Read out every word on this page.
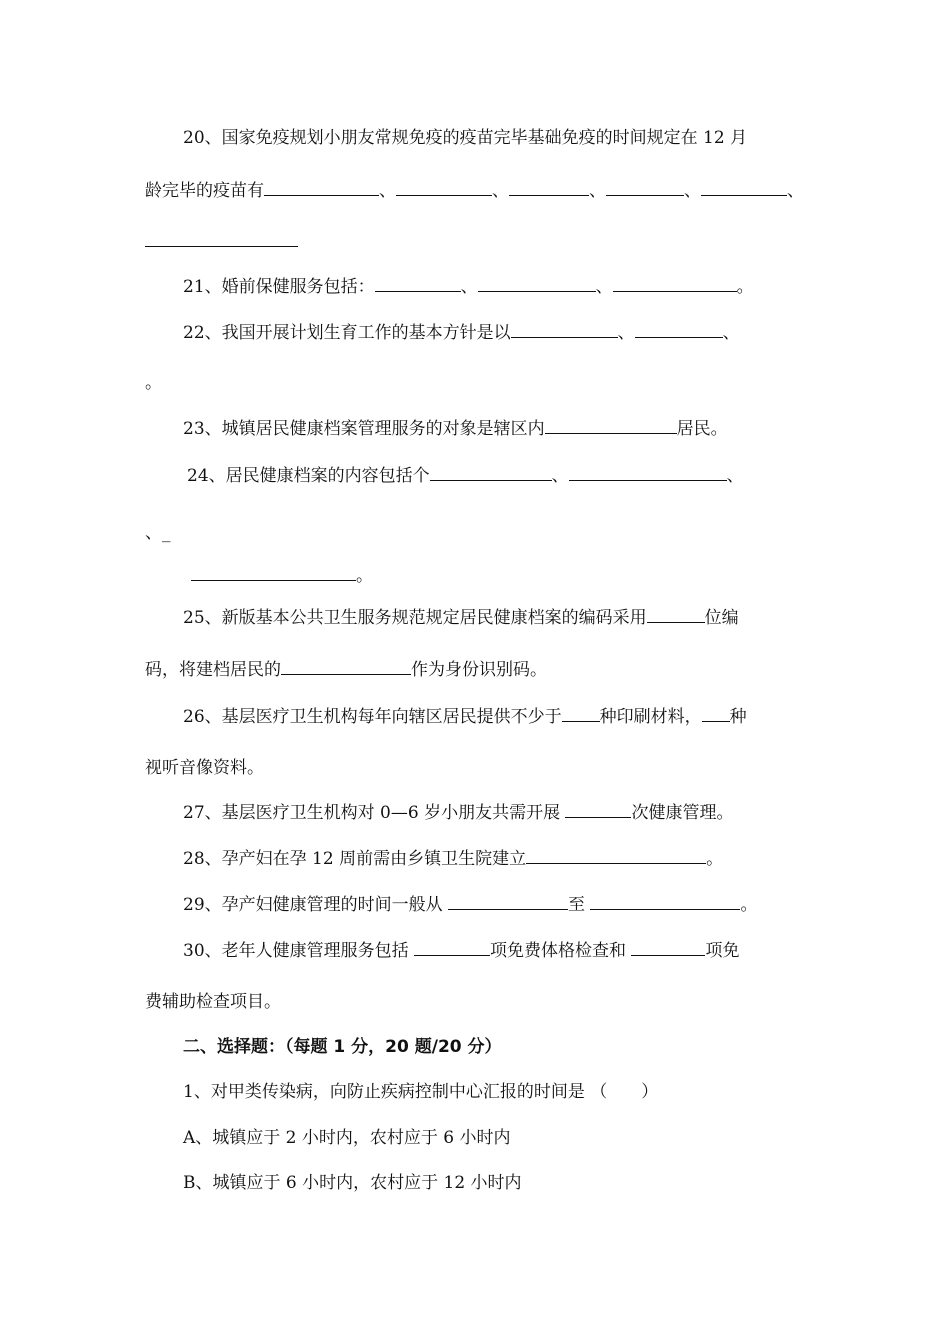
20、国家免疫规划小朋友常规免疫的疫苗完毕基础免疫的时间规定在 12 月
龄完毕的疫苗有	、	、	、	、	、
21、婚前保健服务包括：	、	、	。
22、我国开展计划生育工作的基本方针是以	、	、
。
23、城镇居民健康档案管理服务的对象是辖区内	居民。
24、居民健康档案的内容包括个	、	、
、_
。
25、新版基本公共卫生服务规范规定居民健康档案的编码采用	位编
码，将建档居民的	作为身份识别码。
26、基层医疗卫生机构每年向辖区居民提供不少于 种印刷材料， 种
视听音像资料。
27、基层医疗卫生机构对 0—6 岁小朋友共需开展	次健康管理。
28、孕产妇在孕 12 周前需由乡镇卫生院建立	。
29、孕产妇健康管理的时间一般从	至	。
30、老年人健康管理服务包括	项免费体格检查和	项免
费辅助检查项目。
二、选择题：（每题 1 分，20 题/20 分）
1、对甲类传染病，向防止疾病控制中心汇报的时间是 （　　）
A、城镇应于 2 小时内，农村应于 6 小时内
B、城镇应于 6 小时内，农村应于 12 小时内
